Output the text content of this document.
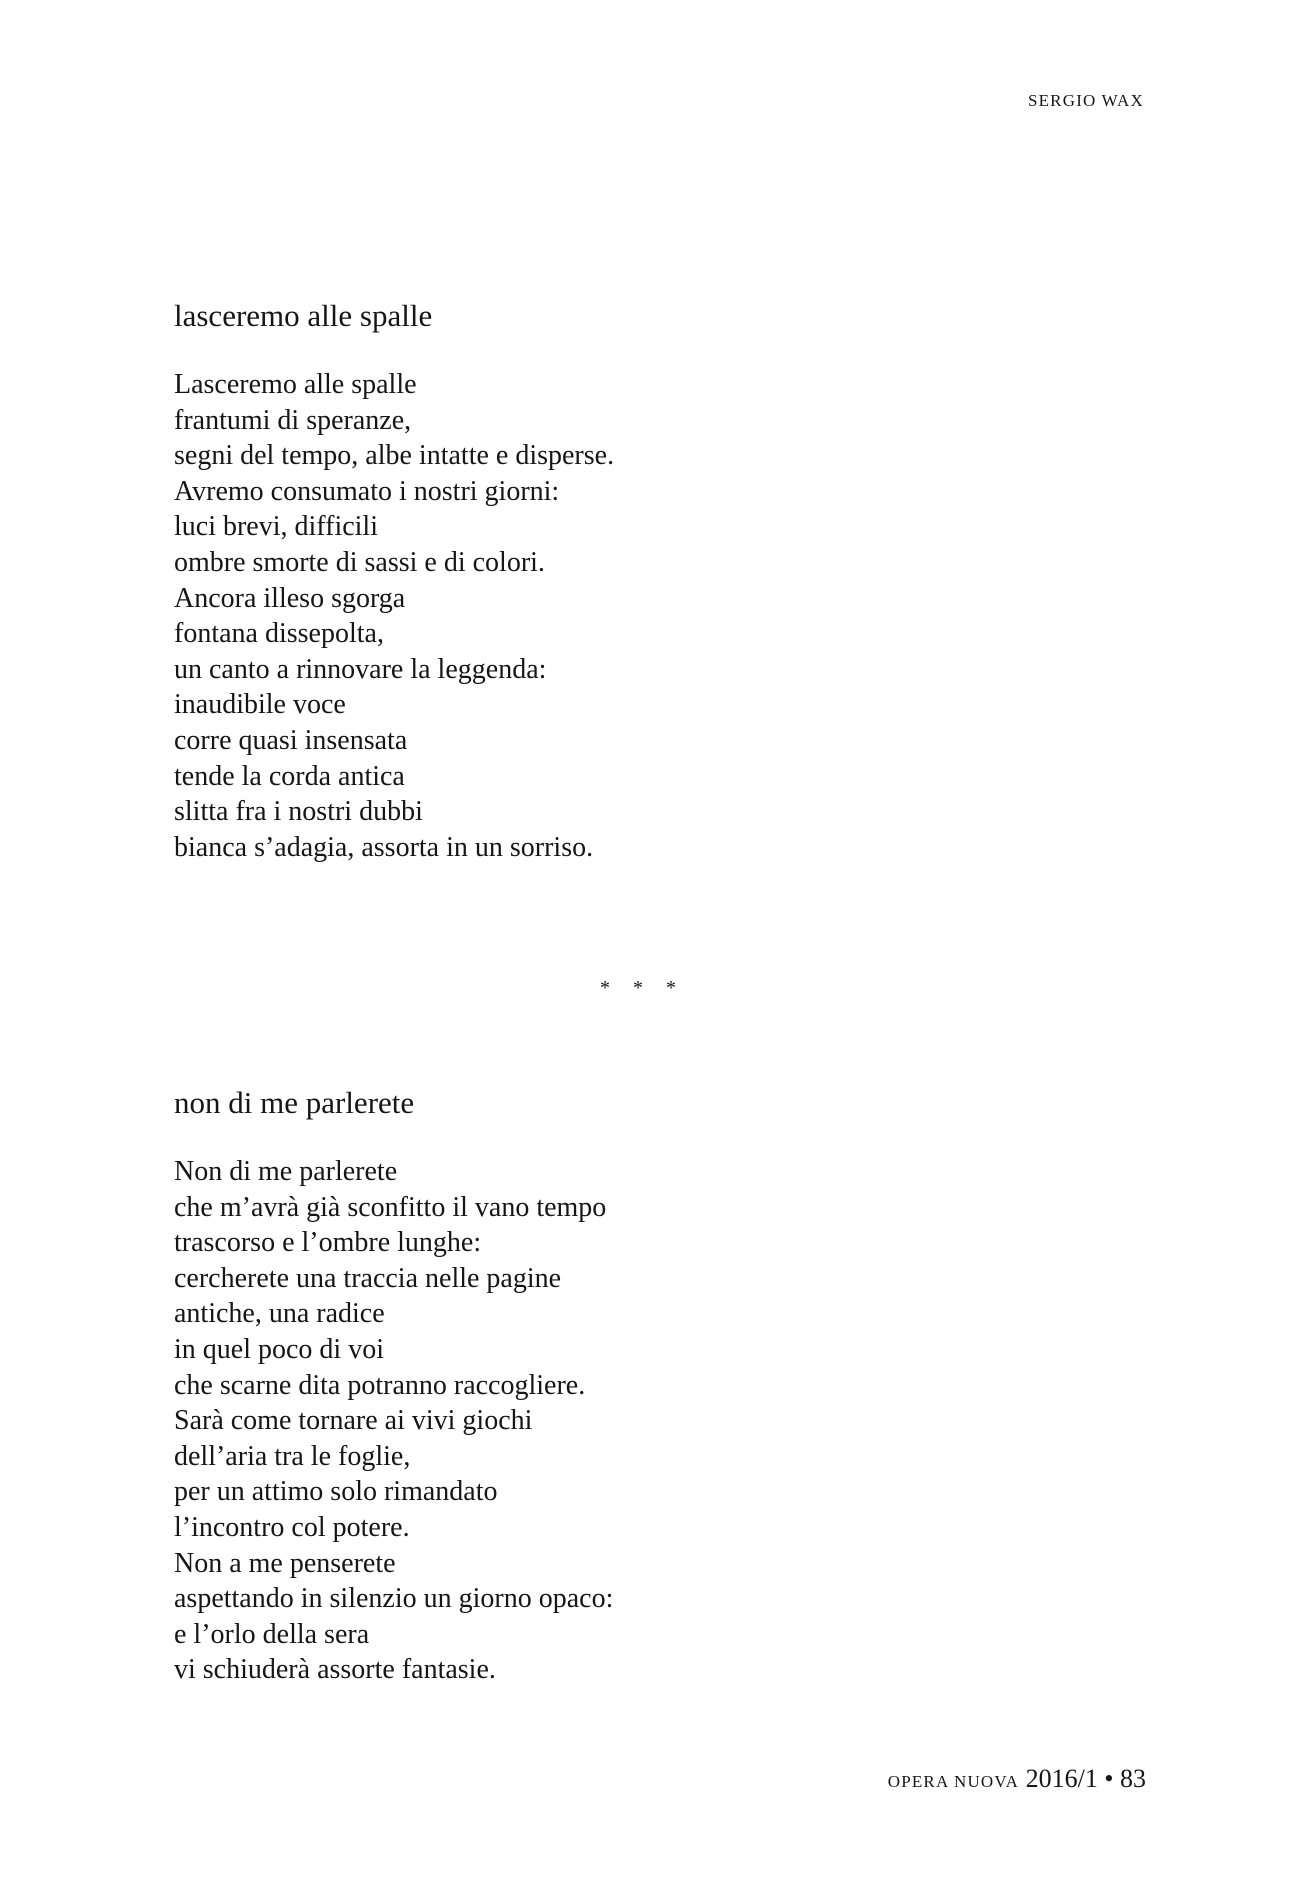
SERGIO WAX
lasceremo alle spalle
Lasceremo alle spalle
frantumi di speranze,
segni del tempo, albe intatte e disperse.
Avremo consumato i nostri giorni:
luci brevi, difficili
ombre smorte di sassi e di colori.
Ancora illeso sgorga
fontana dissepolta,
un canto a rinnovare la leggenda:
inaudibile voce
corre quasi insensata
tende la corda antica
slitta fra i nostri dubbi
bianca s’adagia, assorta in un sorriso.
* * *
non di me parlerete
Non di me parlerete
che m’avrà già sconfitto il vano tempo
trascorso e l’ombre lunghe:
cercherete una traccia nelle pagine
antiche, una radice
in quel poco di voi
che scarne dita potranno raccogliere.
Sarà come tornare ai vivi giochi
dell’aria tra le foglie,
per un attimo solo rimandato
l’incontro col potere.
Non a me penserete
aspettando in silenzio un giorno opaco:
e l’orlo della sera
vi schiuderà assorte fantasie.
OPERA NUOVA 2016/1 • 83
